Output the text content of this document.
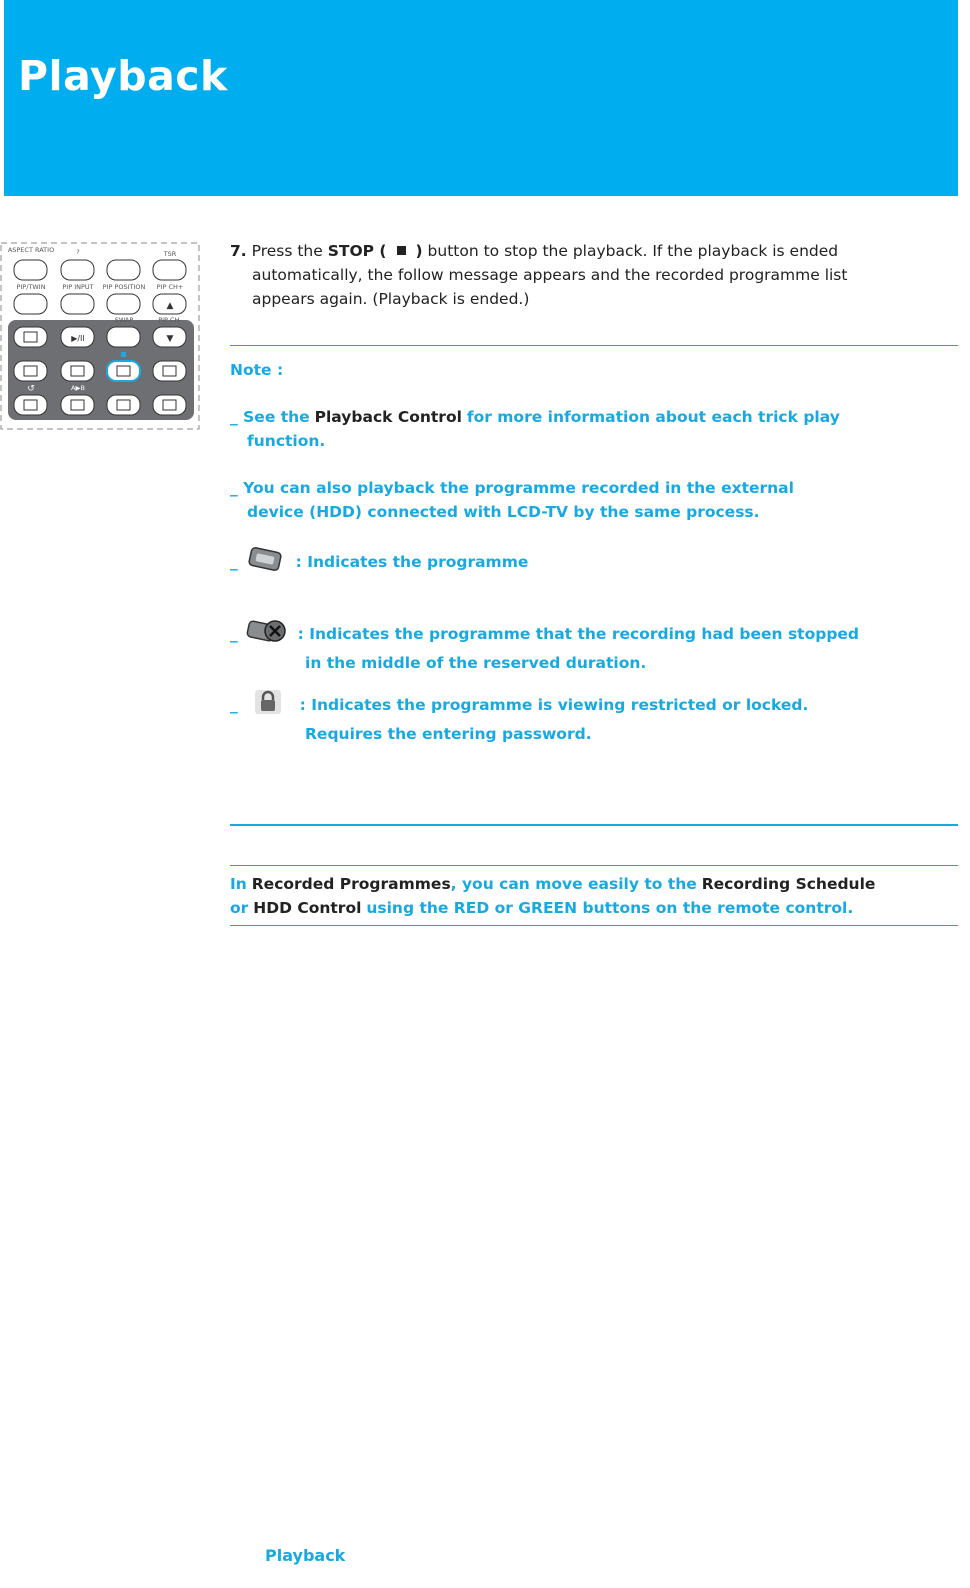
Playback
ASPECT RATIO	?	TSR
PIP/TWIN	PIP INPUT PIP POSITION PIP CH+
SWAP	PIP CH-
A▶B
▲
▼
▶/II
↺
7. Press the STOP ( ) button to stop the playback. If the playback is ended
automatically, the follow message appears and the recorded programme list
appears again. (Playback is ended.)
Note :
_ See the Playback Control for more information about each trick play
function.
_ You can also playback the programme recorded in the external
device (HDD) connected with LCD-TV by the same process.
_	: Indicates the programme
_	: Indicates the programme that the recording had been stopped
in the middle of the reserved duration.
_	: Indicates the programme is viewing restricted or locked.
Requires the entering password.
In Recorded Programmes, you can move easily to the Recording Schedule
or HDD Control using the RED or GREEN buttons on the remote control.
Playback
